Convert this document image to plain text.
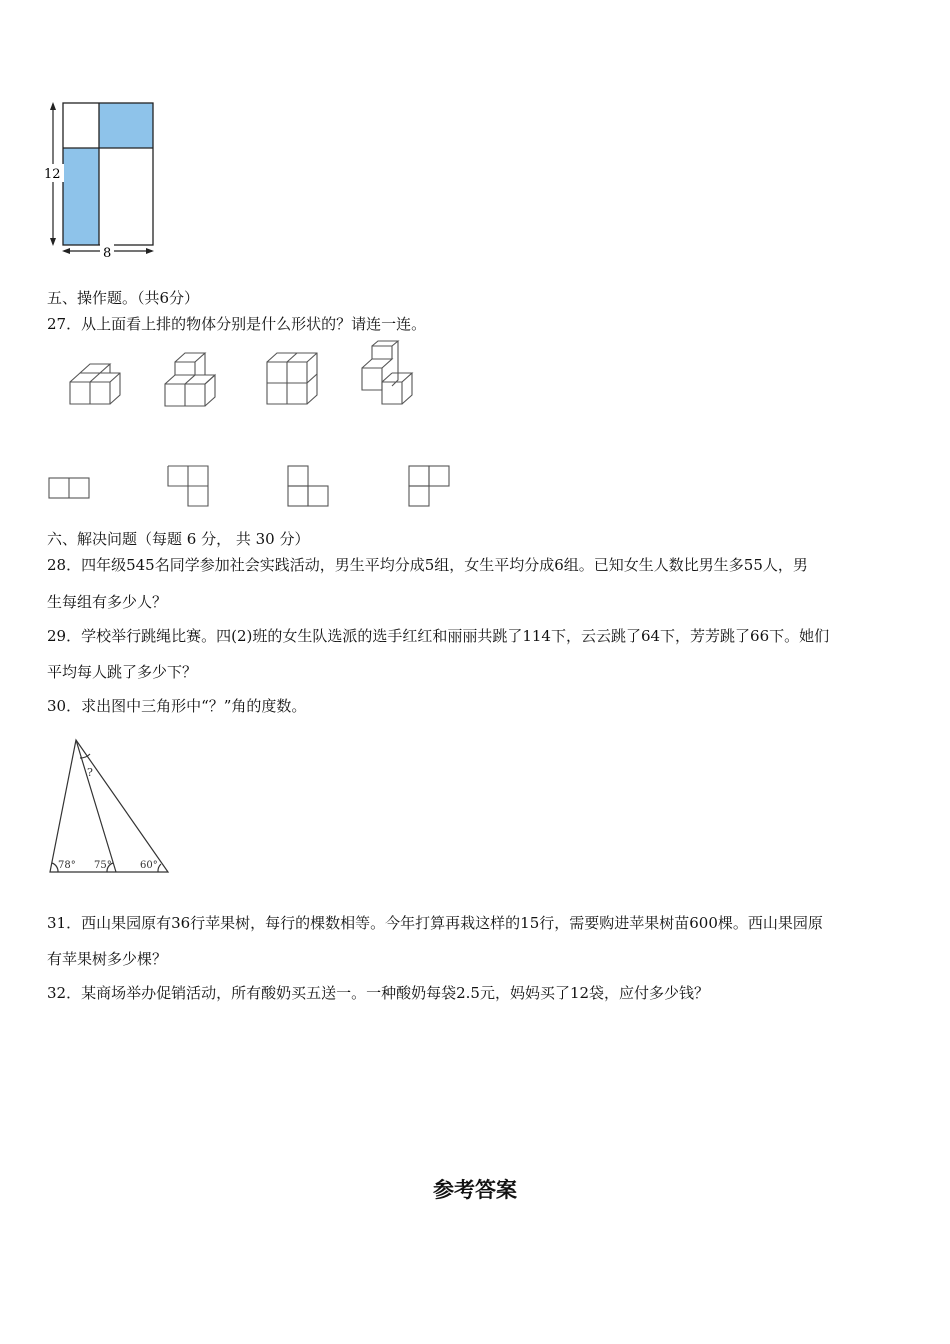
12
8
五、操作题。（共6分）
27．从上面看上排的物体分别是什么形状的？请连一连。
六、解决问题（每题 6 分， 共 30 分）
28．四年级545名同学参加社会实践活动，男生平均分成5组，女生平均分成6组。已知女生人数比男生多55人，男
生每组有多少人？
29．学校举行跳绳比赛。四(2)班的女生队选派的选手红红和丽丽共跳了114下，云云跳了64下，芳芳跳了66下。她们
平均每人跳了多少下？
30．求出图中三角形中“？”角的度数。
?
78° 75°	60°
31．西山果园原有36行苹果树，每行的棵数相等。今年打算再栽这样的15行，需要购进苹果树苗600棵。西山果园原
有苹果树多少棵？
32．某商场举办促销活动，所有酸奶买五送一。一种酸奶每袋2.5元，妈妈买了12袋，应付多少钱？
参考答案
